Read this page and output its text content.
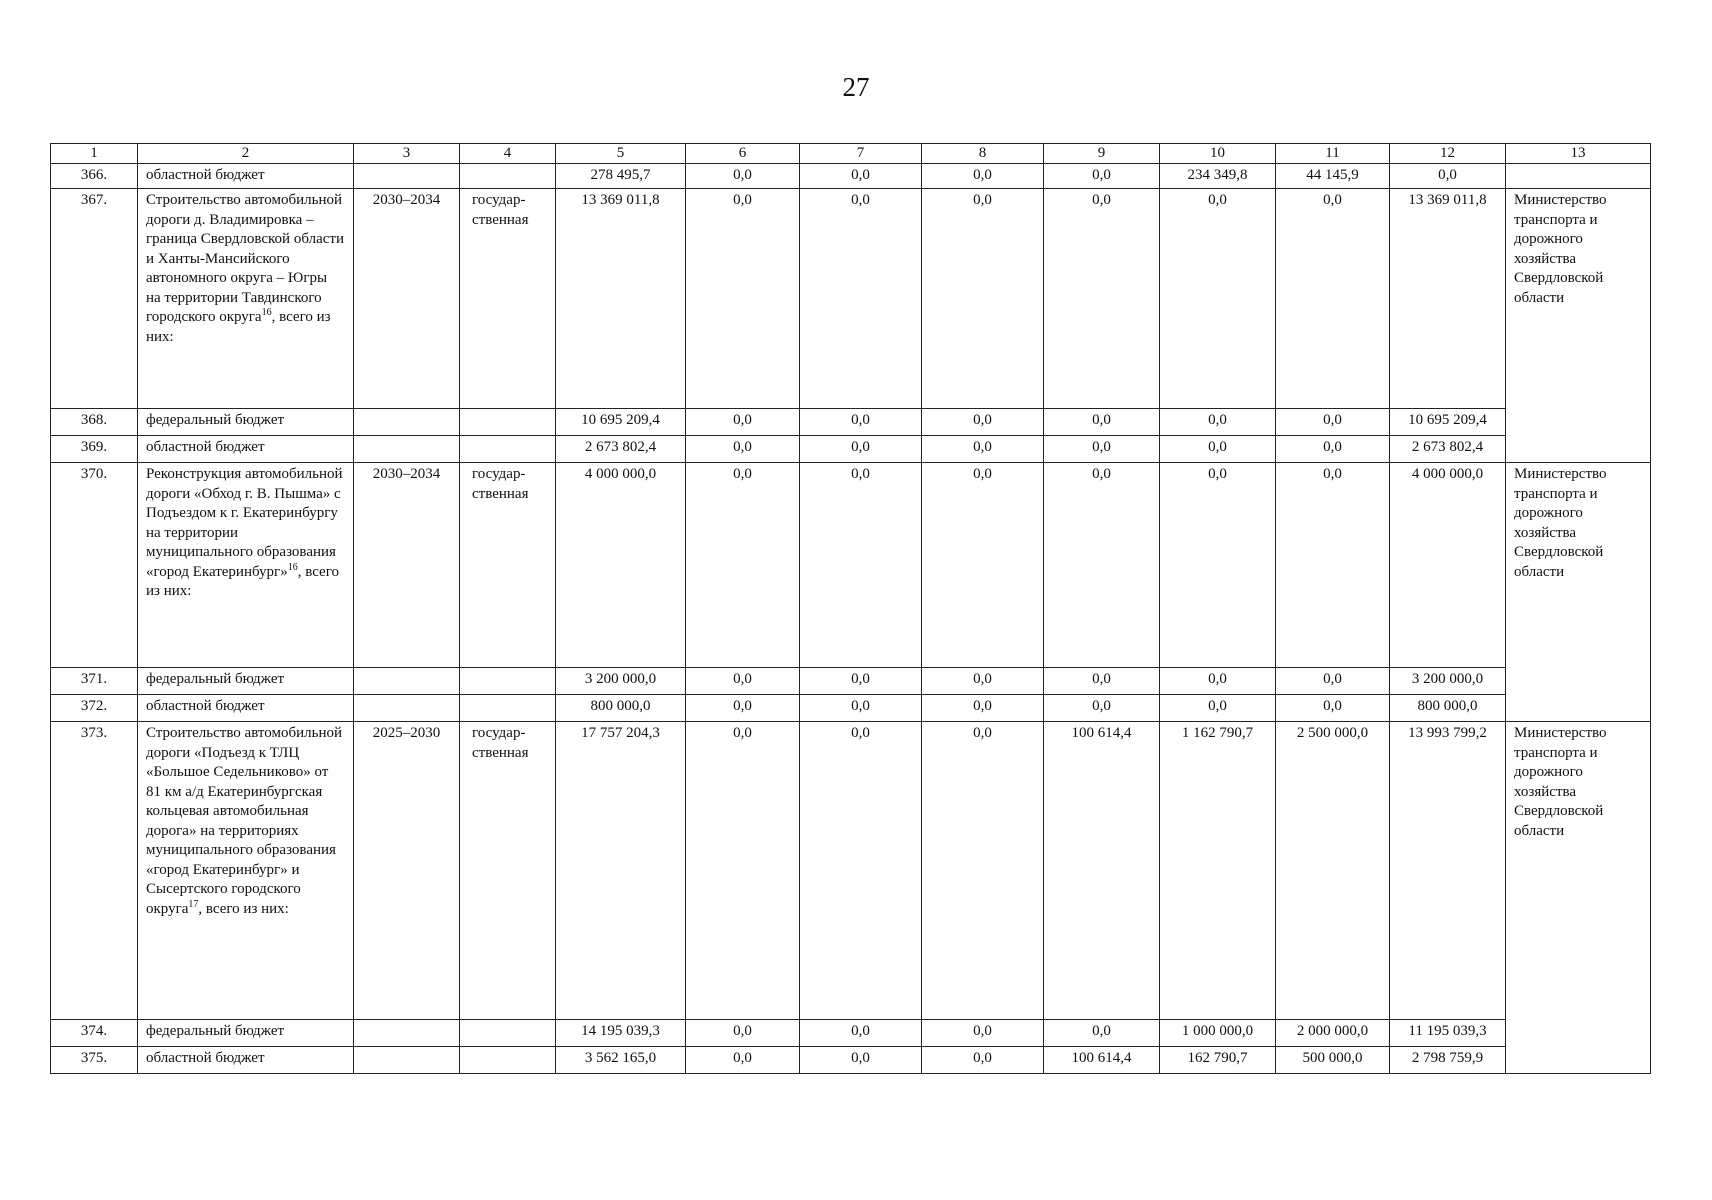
27
1	2	3	4	5	6	7	8	9	10	11	12	13
366.	областной бюджет			278 495,7	0,0	0,0	0,0	0,0	234 349,8	44 145,9	0,0	
367.	Строительство автомобильной дороги д. Владимировка – граница Свердловской области и Ханты-Мансийского автономного округа – Югры на территории Тавдинского городского округа$^{16}$, всего из них:	2030–2034	государ- ственная	13 369 011,8	0,0	0,0	0,0	0,0	0,0	0,0	13 369 011,8	Министерство транспорта и дорожного хозяйства Свердловской области
368.	федеральный бюджет			10 695 209,4	0,0	0,0	0,0	0,0	0,0	0,0	10 695 209,4	
369.	областной бюджет			2 673 802,4	0,0	0,0	0,0	0,0	0,0	0,0	2 673 802,4	
370.	Реконструкция автомобильной дороги «Обход г. В. Пышма» с Подъездом к г. Екатеринбургу на территории муниципального образования «город Екатеринбург»$^{16}$, всего из них:	2030–2034	государ- ственная	4 000 000,0	0,0	0,0	0,0	0,0	0,0	0,0	4 000 000,0	Министерство транспорта и дорожного хозяйства Свердловской области
371.	федеральный бюджет			3 200 000,0	0,0	0,0	0,0	0,0	0,0	0,0	3 200 000,0	
372.	областной бюджет			800 000,0	0,0	0,0	0,0	0,0	0,0	0,0	800 000,0	
373.	Строительство автомобильной дороги «Подъезд к ТЛЦ «Большое Седельниково» от 81 км а/д Екатеринбургская кольцевая автомобильная дорога» на территориях муниципального образования «город Екатеринбург» и Сысертского городского округа$^{17}$, всего из них:	2025–2030	государ- ственная	17 757 204,3	0,0	0,0	0,0	100 614,4	1 162 790,7	2 500 000,0	13 993 799,2	Министерство транспорта и дорожного хозяйства Свердловской области
374.	федеральный бюджет			14 195 039,3	0,0	0,0	0,0	0,0	1 000 000,0	2 000 000,0	11 195 039,3	
375.	областной бюджет			3 562 165,0	0,0	0,0	0,0	100 614,4	162 790,7	500 000,0	2 798 759,9	
